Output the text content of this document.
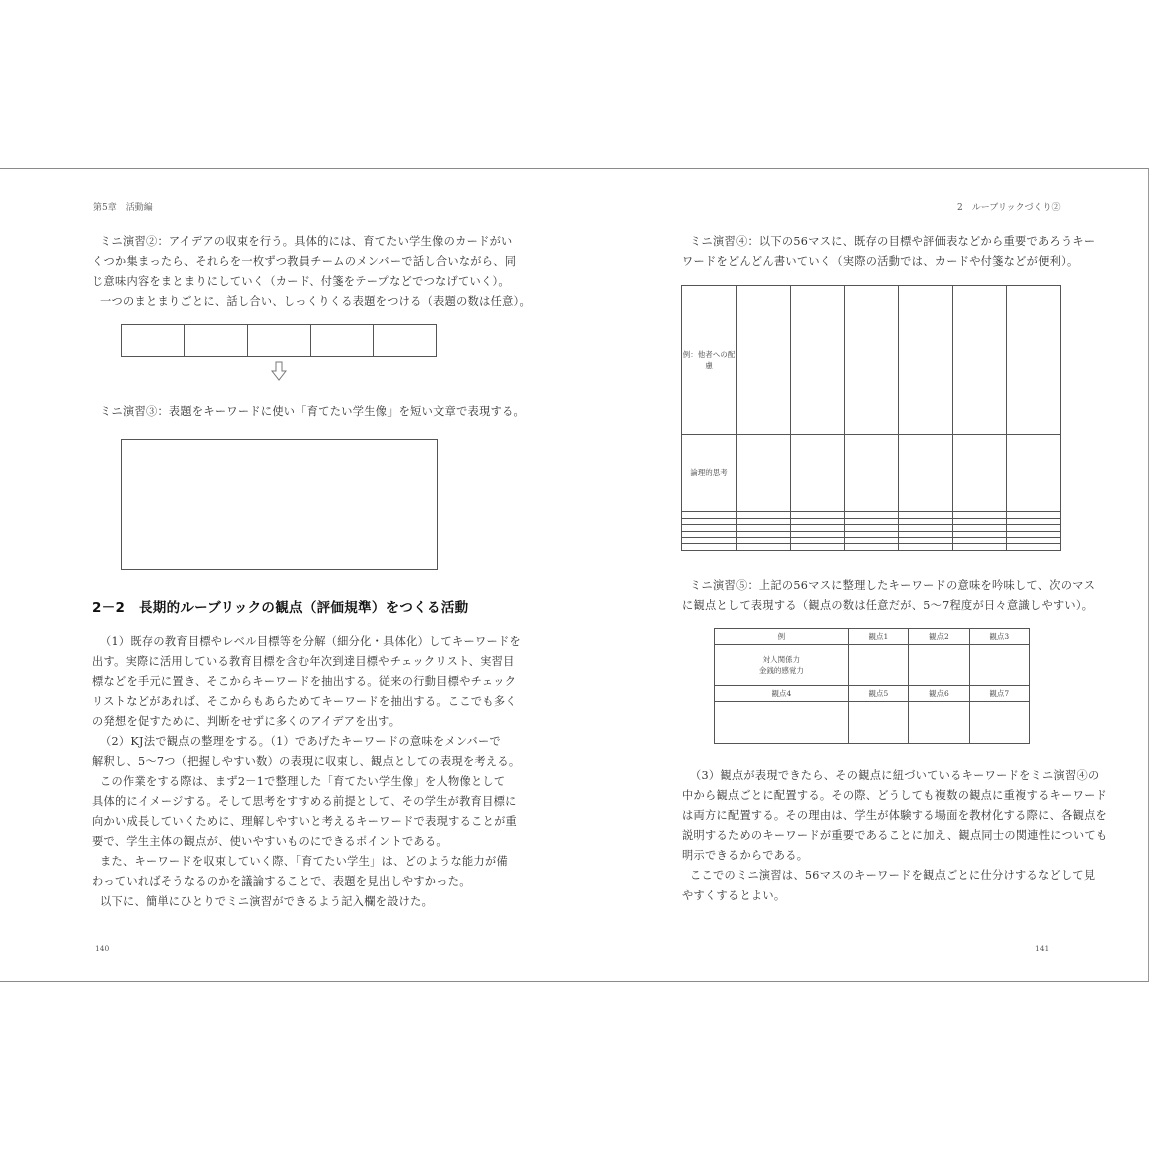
第5章　活動編	2　ルーブリックづくり②
ミニ演習②：アイデアの収束を行う。具体的には、育てたい学生像のカードがい
くつか集まったら、それらを一枚ずつ教員チームのメンバーで話し合いながら、同
じ意味内容をまとまりにしていく（カード、付箋をテープなどでつなげていく）。
一つのまとまりごとに、話し合い、しっくりくる表題をつける（表題の数は任意）。

ミニ演習③：表題をキーワードに使い「育てたい学生像」を短い文章で表現する。
2－2　長期的ルーブリックの観点（評価規準）をつくる活動
（1）既存の教育目標やレベル目標等を分解（細分化・具体化）してキーワードを
出す。実際に活用している教育目標を含む年次到達目標やチェックリスト、実習目
標などを手元に置き、そこからキーワードを抽出する。従来の行動目標やチェック
リストなどがあれば、そこからもあらためてキーワードを抽出する。ここでも多く
の発想を促すために、判断をせずに多くのアイデアを出す。
（2）KJ法で観点の整理をする。（1）であげたキーワードの意味をメンバーで
解釈し、5～7つ（把握しやすい数）の表現に収束し、観点としての表現を考える。
この作業をする際は、まず2－1で整理した「育てたい学生像」を人物像として
具体的にイメージする。そして思考をすすめる前提として、その学生が教育目標に
向かい成長していくために、理解しやすいと考えるキーワードで表現することが重
要で、学生主体の観点が、使いやすいものにできるポイントである。
また、キーワードを収束していく際、「育てたい学生」は、どのような能力が備
わっていればそうなるのかを議論することで、表題を見出しやすかった。
以下に、簡単にひとりでミニ演習ができるよう記入欄を設けた。
140
ミニ演習④：以下の56マスに、既存の目標や評価表などから重要であろうキー
ワードをどんどん書いていく（実際の活動では、カードや付箋などが便利）。
例：他者への配慮						
論理的思考						

ミニ演習⑤：上記の56マスに整理したキーワードの意味を吟味して、次のマス
に観点として表現する（観点の数は任意だが、5～7程度が日々意識しやすい）。
例	観点1	観点2	観点3
対人関係力
金銭的感覚力			
観点4	観点5	観点6	観点7

（3）観点が表現できたら、その観点に紐づいているキーワードをミニ演習④の
中から観点ごとに配置する。その際、どうしても複数の観点に重複するキーワード
は両方に配置する。その理由は、学生が体験する場面を教材化する際に、各観点を
説明するためのキーワードが重要であることに加え、観点同士の関連性についても
明示できるからである。
ここでのミニ演習は、56マスのキーワードを観点ごとに仕分けするなどして見
やすくするとよい。
141
